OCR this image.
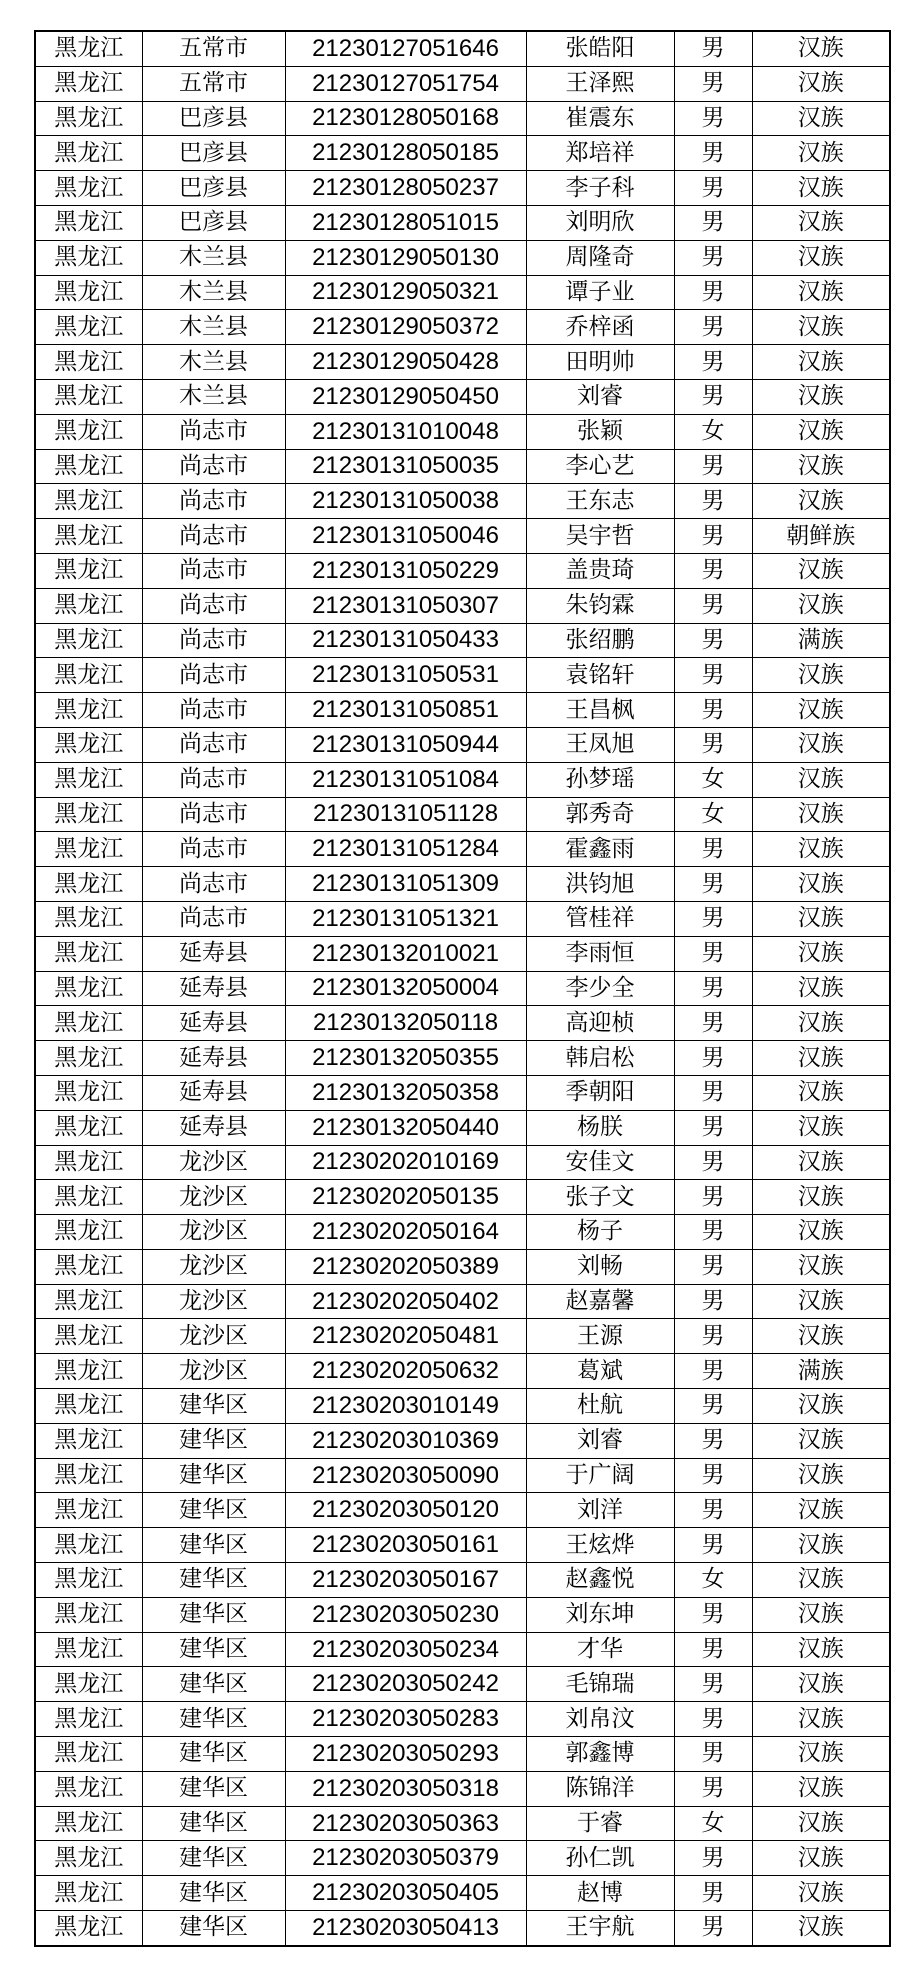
黑龙江	五常市	21230127051646	张皓阳	男	汉族
黑龙江	五常市	21230127051754	王泽熙	男	汉族
黑龙江	巴彦县	21230128050168	崔震东	男	汉族
黑龙江	巴彦县	21230128050185	郑培祥	男	汉族
黑龙江	巴彦县	21230128050237	李子科	男	汉族
黑龙江	巴彦县	21230128051015	刘明欣	男	汉族
黑龙江	木兰县	21230129050130	周隆奇	男	汉族
黑龙江	木兰县	21230129050321	谭子业	男	汉族
黑龙江	木兰县	21230129050372	乔梓函	男	汉族
黑龙江	木兰县	21230129050428	田明帅	男	汉族
黑龙江	木兰县	21230129050450	刘睿	男	汉族
黑龙江	尚志市	21230131010048	张颖	女	汉族
黑龙江	尚志市	21230131050035	李心艺	男	汉族
黑龙江	尚志市	21230131050038	王东志	男	汉族
黑龙江	尚志市	21230131050046	吴宇哲	男	朝鲜族
黑龙江	尚志市	21230131050229	盖贵琦	男	汉族
黑龙江	尚志市	21230131050307	朱钧霖	男	汉族
黑龙江	尚志市	21230131050433	张绍鹏	男	满族
黑龙江	尚志市	21230131050531	袁铭轩	男	汉族
黑龙江	尚志市	21230131050851	王昌枫	男	汉族
黑龙江	尚志市	21230131050944	王凤旭	男	汉族
黑龙江	尚志市	21230131051084	孙梦瑶	女	汉族
黑龙江	尚志市	21230131051128	郭秀奇	女	汉族
黑龙江	尚志市	21230131051284	霍鑫雨	男	汉族
黑龙江	尚志市	21230131051309	洪钧旭	男	汉族
黑龙江	尚志市	21230131051321	管桂祥	男	汉族
黑龙江	延寿县	21230132010021	李雨恒	男	汉族
黑龙江	延寿县	21230132050004	李少全	男	汉族
黑龙江	延寿县	21230132050118	高迎桢	男	汉族
黑龙江	延寿县	21230132050355	韩启松	男	汉族
黑龙江	延寿县	21230132050358	季朝阳	男	汉族
黑龙江	延寿县	21230132050440	杨朕	男	汉族
黑龙江	龙沙区	21230202010169	安佳文	男	汉族
黑龙江	龙沙区	21230202050135	张子文	男	汉族
黑龙江	龙沙区	21230202050164	杨子	男	汉族
黑龙江	龙沙区	21230202050389	刘畅	男	汉族
黑龙江	龙沙区	21230202050402	赵嘉馨	男	汉族
黑龙江	龙沙区	21230202050481	王源	男	汉族
黑龙江	龙沙区	21230202050632	葛斌	男	满族
黑龙江	建华区	21230203010149	杜航	男	汉族
黑龙江	建华区	21230203010369	刘睿	男	汉族
黑龙江	建华区	21230203050090	于广阔	男	汉族
黑龙江	建华区	21230203050120	刘洋	男	汉族
黑龙江	建华区	21230203050161	王炫烨	男	汉族
黑龙江	建华区	21230203050167	赵鑫悦	女	汉族
黑龙江	建华区	21230203050230	刘东坤	男	汉族
黑龙江	建华区	21230203050234	才华	男	汉族
黑龙江	建华区	21230203050242	毛锦瑞	男	汉族
黑龙江	建华区	21230203050283	刘帛汶	男	汉族
黑龙江	建华区	21230203050293	郭鑫博	男	汉族
黑龙江	建华区	21230203050318	陈锦洋	男	汉族
黑龙江	建华区	21230203050363	于睿	女	汉族
黑龙江	建华区	21230203050379	孙仁凯	男	汉族
黑龙江	建华区	21230203050405	赵博	男	汉族
黑龙江	建华区	21230203050413	王宇航	男	汉族
